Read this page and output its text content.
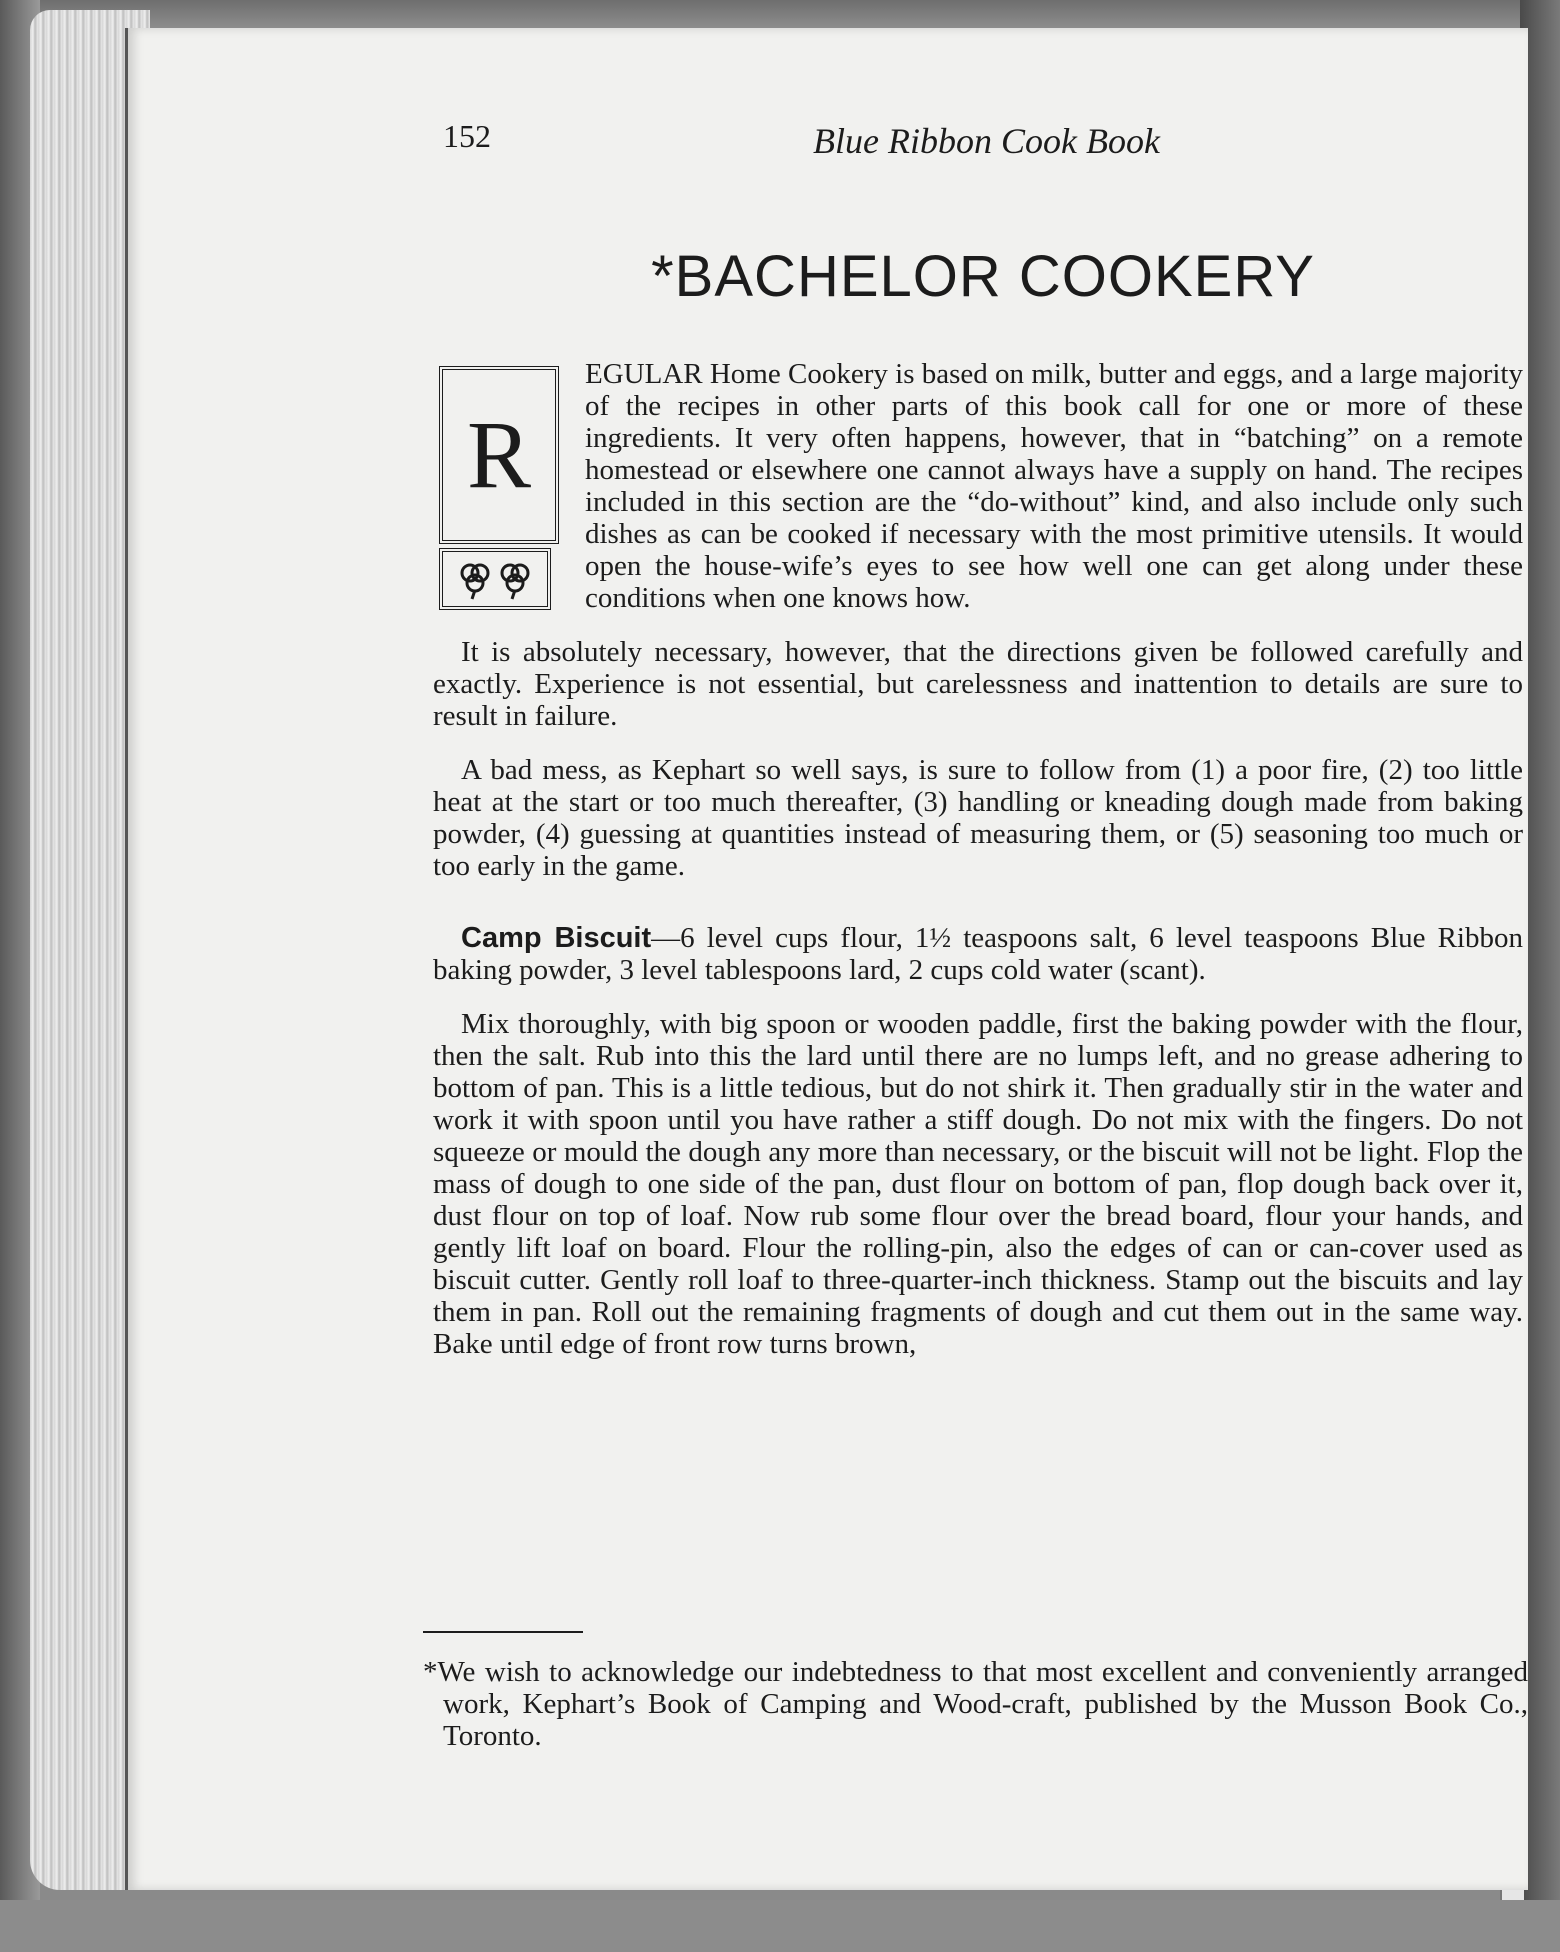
152	Blue Ribbon Cook Book
*BACHELOR COOKERY
R

EGULAR Home Cookery is based on milk, butter and eggs, and a large majority of the recipes in other parts of this book call for one or more of these ingredients. It very often happens, however, that in “batching” on a remote homestead or elsewhere one cannot always have a supply on hand. The recipes included in this section are the “do-without” kind, and also include only such dishes as can be cooked if necessary with the most primitive utensils. It would open the house-wife’s eyes to see how well one can get along under these conditions when one knows how.

It is absolutely necessary, however, that the directions given be followed carefully and exactly. Experience is not essential, but carelessness and inattention to details are sure to result in failure.

A bad mess, as Kephart so well says, is sure to follow from (1) a poor fire, (2) too little heat at the start or too much thereafter, (3) handling or kneading dough made from baking powder, (4) guessing at quantities instead of measuring them, or (5) seasoning too much or too early in the game.

Camp Biscuit—6 level cups flour, 1½ teaspoons salt, 6 level teaspoons Blue Ribbon baking powder, 3 level tablespoons lard, 2 cups cold water (scant).

Mix thoroughly, with big spoon or wooden paddle, first the baking powder with the flour, then the salt. Rub into this the lard until there are no lumps left, and no grease adhering to bottom of pan. This is a little tedious, but do not shirk it. Then gradually stir in the water and work it with spoon until you have rather a stiff dough. Do not mix with the fingers. Do not squeeze or mould the dough any more than necessary, or the biscuit will not be light. Flop the mass of dough to one side of the pan, dust flour on bottom of pan, flop dough back over it, dust flour on top of loaf. Now rub some flour over the bread board, flour your hands, and gently lift loaf on board. Flour the rolling-pin, also the edges of can or can-cover used as biscuit cutter. Gently roll loaf to three-quarter-inch thickness. Stamp out the biscuits and lay them in pan. Roll out the remaining fragments of dough and cut them out in the same way. Bake until edge of front row turns brown,

*We wish to acknowledge our indebtedness to that most excellent and conveniently arranged work, Kephart’s Book of Camping and Wood-craft, published by the Musson Book Co., Toronto.
